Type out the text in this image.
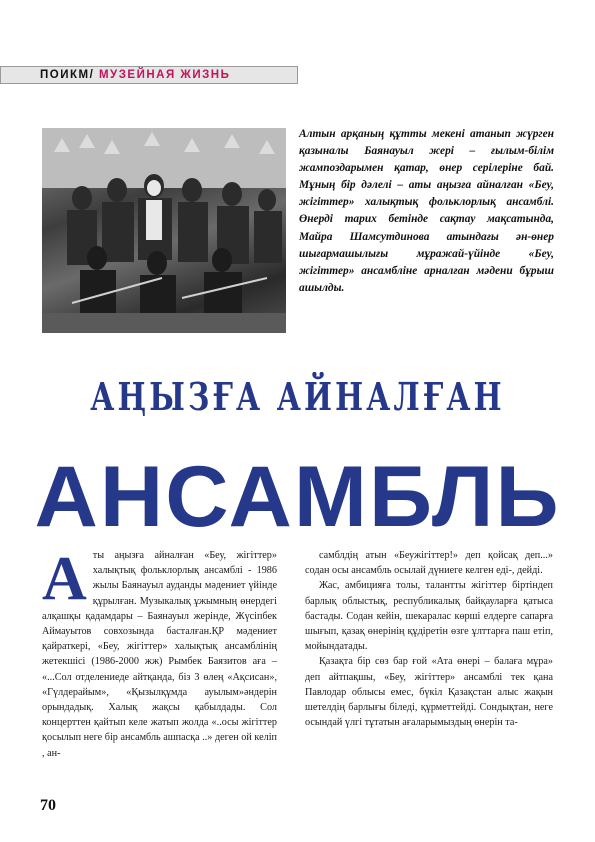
ПОИКМ/ МУЗЕЙНАЯ ЖИЗНЬ
Алтын арқаның құтты мекені атанып жүрген қазыналы Баянауыл жері – ғылым-білім жампоздарымен қатар, өнер серілеріне бай. Мұның бір дәлелі – аты аңызға айналған «Беу, жігіттер» халықтық фольклорлық ансамблі. Өнерді тарих бетінде сақтау мақсатында, Майра Шамсутдинова атындағы ән-өнер шығармашылығы мұражай-үйінде «Беу, жігіттер» ансамбліне арналған мәдени бұрыш ашылды.
АҢЫЗҒА АЙНАЛҒАН
АНСАМБЛЬ

Аты аңызға айналған «Беу, жігіттер» халықтық фольклорлық ансамблі - 1986 жылы Баянауыл ауданды мәдениет үйінде құрылған. Музыкалық ұжымның өнердегі алқашқы қадамдары – Баянауыл жерінде, Жүсіпбек Аймауытов совхозында басталған.ҚР мәдениет қайраткері, «Беу, жігіттер» халықтық ансамблінің жетекшісі (1986-2000 жж) Рымбек Баязитов аға – «...Сол отделениеде айтқанда, біз 3 өлең «Ақсисан», «Гүлдерайым», «Қызылқұмда ауылым»әндерін орындадық. Халық жақсы қабылдады. Сол концерттен қайтып келе жатып жолда «..осы жігіттер қосылып неге бір ансамбль ашпасқа ..» деген ой келіп , ан-

самблдің атын «Беужігіттер!» деп қойсақ деп...» содан осы ансамбль осылай дүниеге келген еді-, дейді.

Жас, амбицияға толы, талантты жігіттер біртіндеп барлық облыстық, республикалық байқауларға қатыса бастады. Содан кейін, шекаралас көрші елдерге сапарға шығып, қазақ өнерінің құдіретін өзге ұлттарға паш етіп, мойындатады.

Қазақта бір сөз бар ғой «Ата өнері – балаға мұра» деп айтпақшы, «Беу, жігіттер» ансамблі тек қана Павлодар облысы емес, бүкіл Қазақстан алыс жақын шетелдің барлығы біледі, құрметтейді. Сондықтан, неге осындай үлгі тұтатын ағаларымыздың өнерін та-

70
